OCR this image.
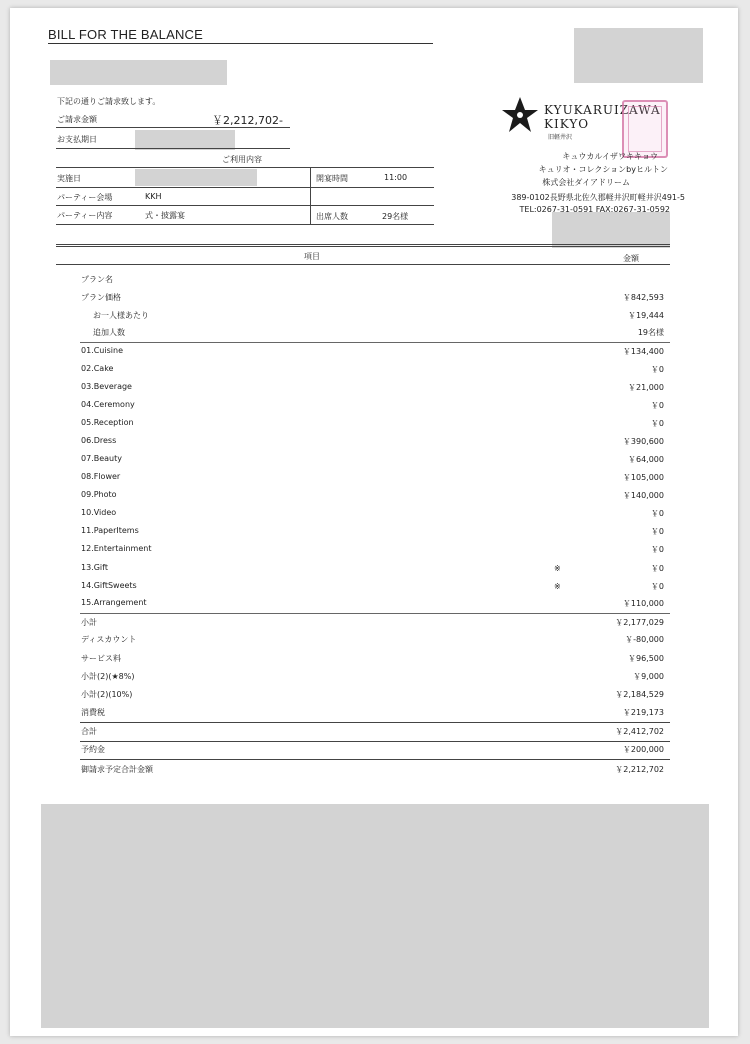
BILL FOR THE BALANCE
下記の通りご請求致します。
ご請求金額	￥2,212,702-
お支払期日
ご利用内容
実施日	開宴時間	11:00
パーティー会場	KKH
パーティー内容	式・披露宴	出席人数	29名様
KYUKARUIZAWA
KIKYO
旧軽井沢
キュウカルイザワキキョウ
キュリオ・コレクションbyヒルトン
株式会社ダイアドリーム
389-0102長野県北佐久郡軽井沢町軽井沢491-5
TEL:0267-31-0591 FAX:0267-31-0592
項目	金額
プラン名
プラン価格	￥842,593
お一人様あたり	￥19,444
追加人数	19名様
01.Cuisine	￥134,400
02.Cake	￥0
03.Beverage	￥21,000
04.Ceremony	￥0
05.Reception	￥0
06.Dress	￥390,600
07.Beauty	￥64,000
08.Flower	￥105,000
09.Photo	￥140,000
10.Video	￥0
11.PaperItems	￥0
12.Entertainment	￥0
13.Gift	※	￥0
14.GiftSweets	※	￥0
15.Arrangement	￥110,000
小計	￥2,177,029
ディスカウント	￥-80,000
サービス料	￥96,500
小計(2)(★8%)	￥9,000
小計(2)(10%)	￥2,184,529
消費税	￥219,173
合計	￥2,412,702
予約金	￥200,000
御請求予定合計金額	￥2,212,702
